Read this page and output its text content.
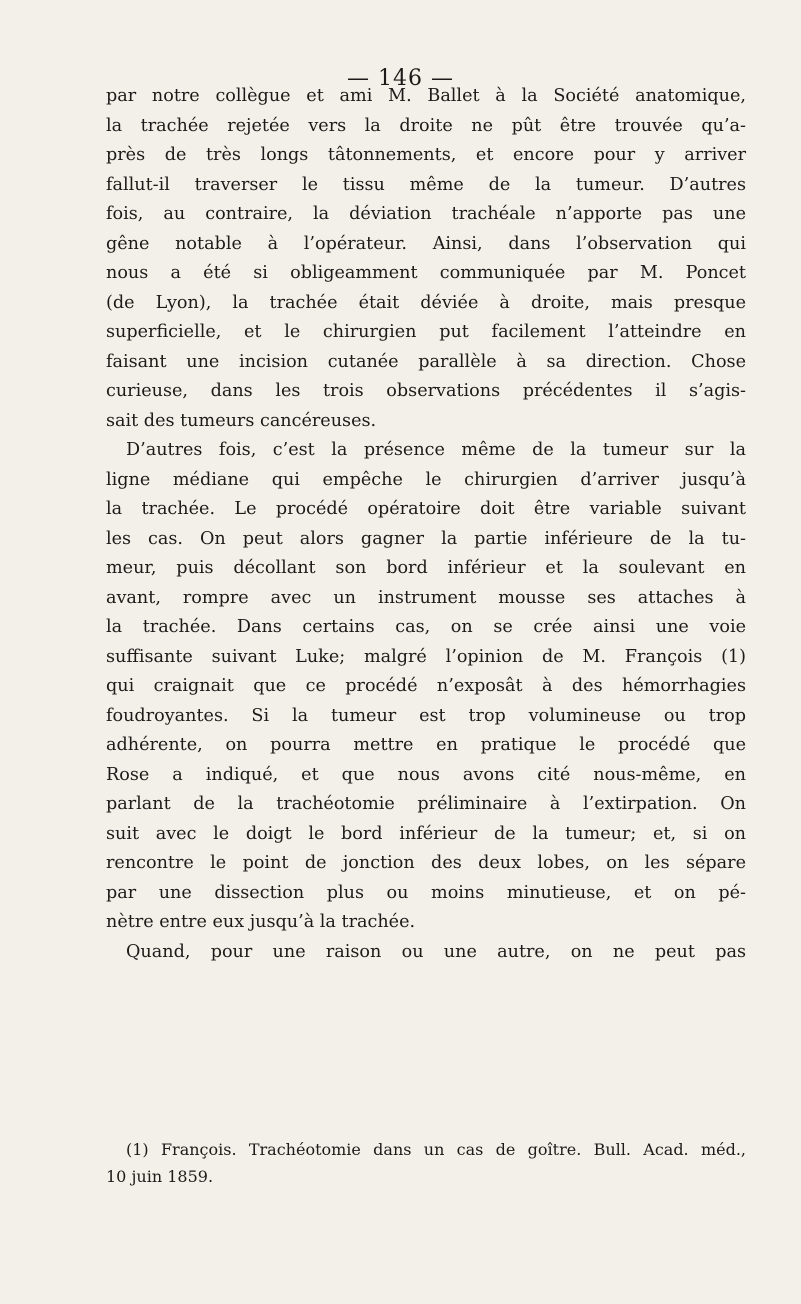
— 146 —
par notre collègue et ami M. Ballet à la Société anatomique,
la trachée rejetée vers la droite ne pût être trouvée qu’a-
près de très longs tâtonnements, et encore pour y arriver
fallut-il traverser le tissu même de la tumeur. D’autres
fois, au contraire, la déviation trachéale n’apporte pas une
gêne notable à l’opérateur. Ainsi, dans l’observation qui
nous a été si obligeamment communiquée par M. Poncet
(de Lyon), la trachée était déviée à droite, mais presque
superficielle, et le chirurgien put facilement l’atteindre en
faisant une incision cutanée parallèle à sa direction. Chose
curieuse, dans les trois observations précédentes il s’agis-
sait des tumeurs cancéreuses.
D’autres fois, c’est la présence même de la tumeur sur la
ligne médiane qui empêche le chirurgien d’arriver jusqu’à
la trachée. Le procédé opératoire doit être variable suivant
les cas. On peut alors gagner la partie inférieure de la tu-
meur, puis décollant son bord inférieur et la soulevant en
avant, rompre avec un instrument mousse ses attaches à
la trachée. Dans certains cas, on se crée ainsi une voie
suffisante suivant Luke; malgré l’opinion de M. François (1)
qui craignait que ce procédé n’exposât à des hémorrhagies
foudroyantes. Si la tumeur est trop volumineuse ou trop
adhérente, on pourra mettre en pratique le procédé que
Rose a indiqué, et que nous avons cité nous-même, en
parlant de la trachéotomie préliminaire à l’extirpation. On
suit avec le doigt le bord inférieur de la tumeur; et, si on
rencontre le point de jonction des deux lobes, on les sépare
par une dissection plus ou moins minutieuse, et on pé-
nètre entre eux jusqu’à la trachée.
Quand, pour une raison ou une autre, on ne peut pas
(1) François. Trachéotomie dans un cas de goître. Bull. Acad. méd.,
10 juin 1859.
